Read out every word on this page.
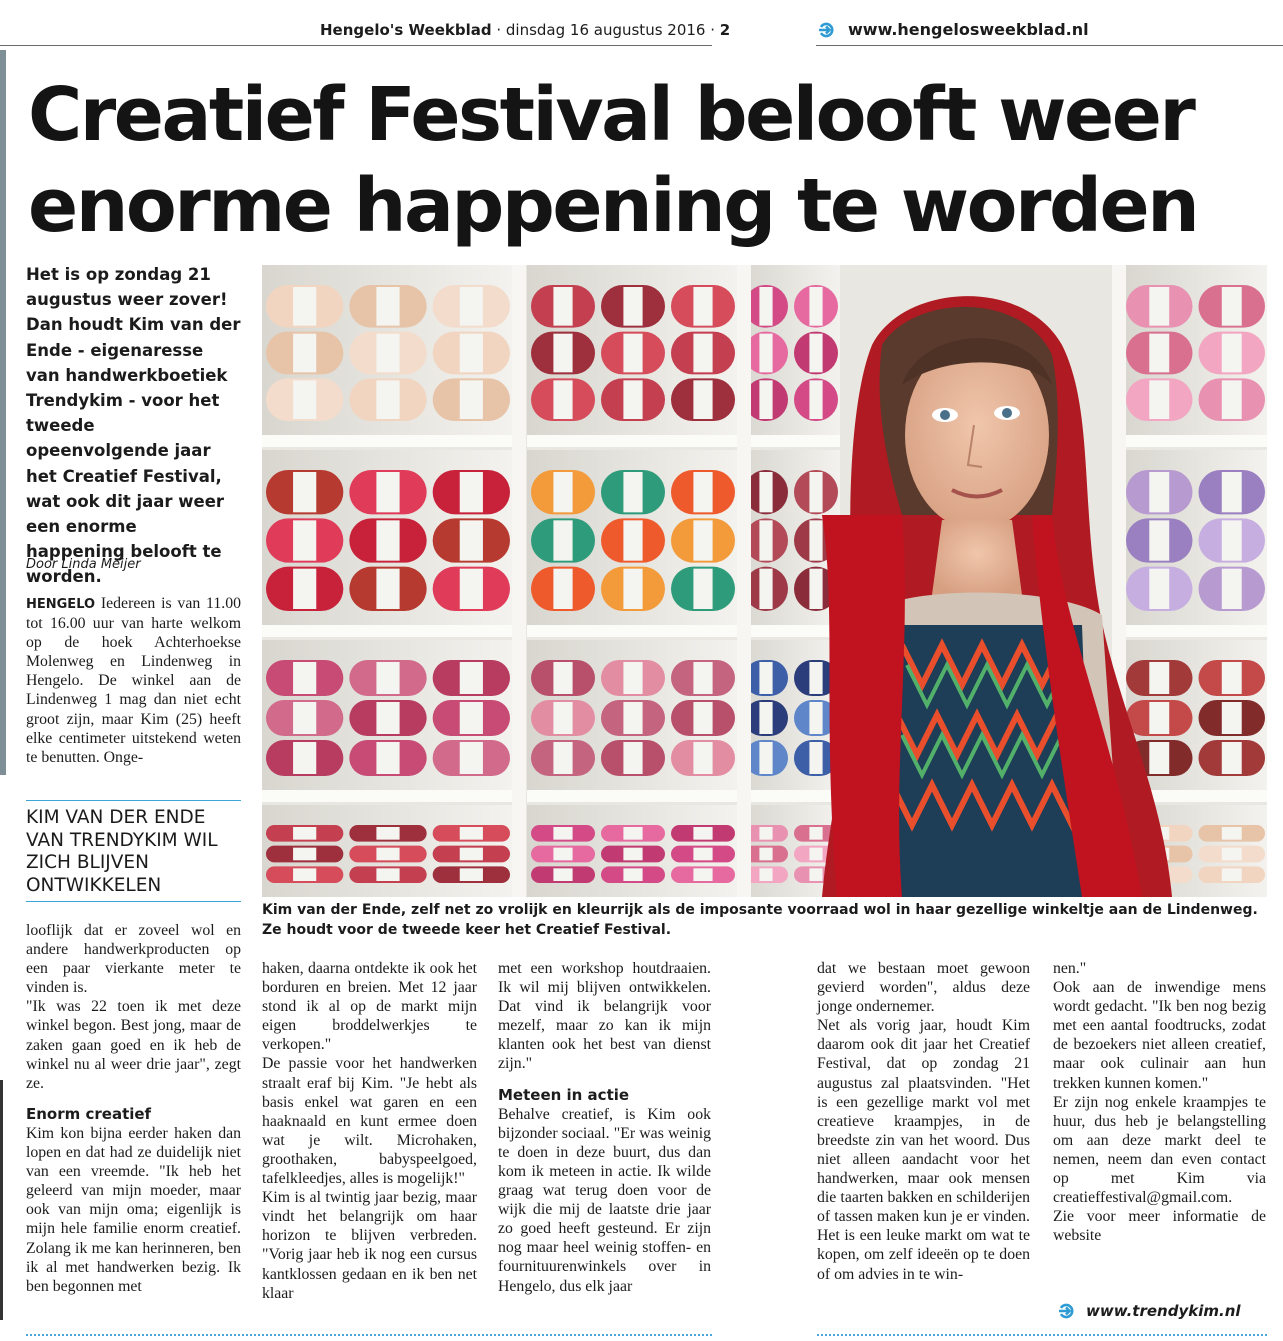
Hengelo's Weekblad · dinsdag 16 augustus 2016 · 2	www.hengelosweekblad.nl
Creatief Festival belooft weer
enorme happening te worden
Het is op zondag 21 augustus weer zover! Dan houdt Kim van der Ende - eigenaresse van handwerkboetiek Trendykim - voor het tweede opeenvolgende jaar het Creatief Festival, wat ook dit jaar weer een enorme happening belooft te worden.
Door Linda Meijer
HENGELO Iedereen is van 11.00 tot 16.00 uur van harte welkom op de hoek Achterhoekse Molenweg en Lindenweg in Hengelo. De winkel aan de Lindenweg 1 mag dan niet echt groot zijn, maar Kim (25) heeft elke centimeter uitstekend weten te benutten. Onge-
KIM VAN DER ENDE VAN TRENDYKIM WIL ZICH BLIJVEN ONTWIKKELEN
Kim van der Ende, zelf net zo vrolijk en kleurrijk als de imposante voorraad wol in haar gezellige winkeltje aan de Lindenweg. Ze houdt voor de tweede keer het Creatief Festival.

looflijk dat er zoveel wol en andere handwerkproducten op een paar vierkante meter te vinden is.

"Ik was 22 toen ik met deze winkel begon. Best jong, maar de zaken gaan goed en ik heb de winkel nu al weer drie jaar", zegt ze.

Enorm creatief

Kim kon bijna eerder haken dan lopen en dat had ze duidelijk niet van een vreemde. "Ik heb het geleerd van mijn moeder, maar ook van mijn oma; eigenlijk is mijn hele familie enorm creatief. Zolang ik me kan herinneren, ben ik al met handwerken bezig. Ik ben begonnen met

haken, daarna ontdekte ik ook het borduren en breien. Met 12 jaar stond ik al op de markt mijn eigen broddelwerkjes te verkopen."

De passie voor het handwerken straalt eraf bij Kim. "Je hebt als basis enkel wat garen en een haaknaald en kunt ermee doen wat je wilt. Microhaken, groothaken, babyspeelgoed, tafelkleedjes, alles is mogelijk!"

Kim is al twintig jaar bezig, maar vindt het belangrijk om haar horizon te blijven verbreden. "Vorig jaar heb ik nog een cursus kantklossen gedaan en ik ben net klaar

met een workshop houtdraaien. Ik wil mij blijven ontwikkelen. Dat vind ik belangrijk voor mezelf, maar zo kan ik mijn klanten ook het best van dienst zijn."

Meteen in actie

Behalve creatief, is Kim ook bijzonder sociaal. "Er was weinig te doen in deze buurt, dus dan kom ik meteen in actie. Ik wilde graag wat terug doen voor de wijk die mij de laatste drie jaar zo goed heeft gesteund. Er zijn nog maar heel weinig stoffen- en fournituurenwinkels over in Hengelo, dus elk jaar

dat we bestaan moet gewoon gevierd worden", aldus deze jonge ondernemer.

Net als vorig jaar, houdt Kim daarom ook dit jaar het Creatief Festival, dat op zondag 21 augustus zal plaatsvinden. "Het is een gezellige markt vol met creatieve kraampjes, in de breedste zin van het woord. Dus niet alleen aandacht voor het handwerken, maar ook mensen die taarten bakken en schilderijen of tassen maken kun je er vinden. Het is een leuke markt om wat te kopen, om zelf ideeën op te doen of om advies in te win-

nen."

Ook aan de inwendige mens wordt gedacht. "Ik ben nog bezig met een aantal foodtrucks, zodat de bezoekers niet alleen creatief, maar ook culinair aan hun trekken kunnen komen."

Er zijn nog enkele kraampjes te huur, dus heb je belangstelling om aan deze markt deel te nemen, neem dan even contact op met Kim via creatieffestival@gmail.com.

Zie voor meer informatie de website

www.trendykim.nl
